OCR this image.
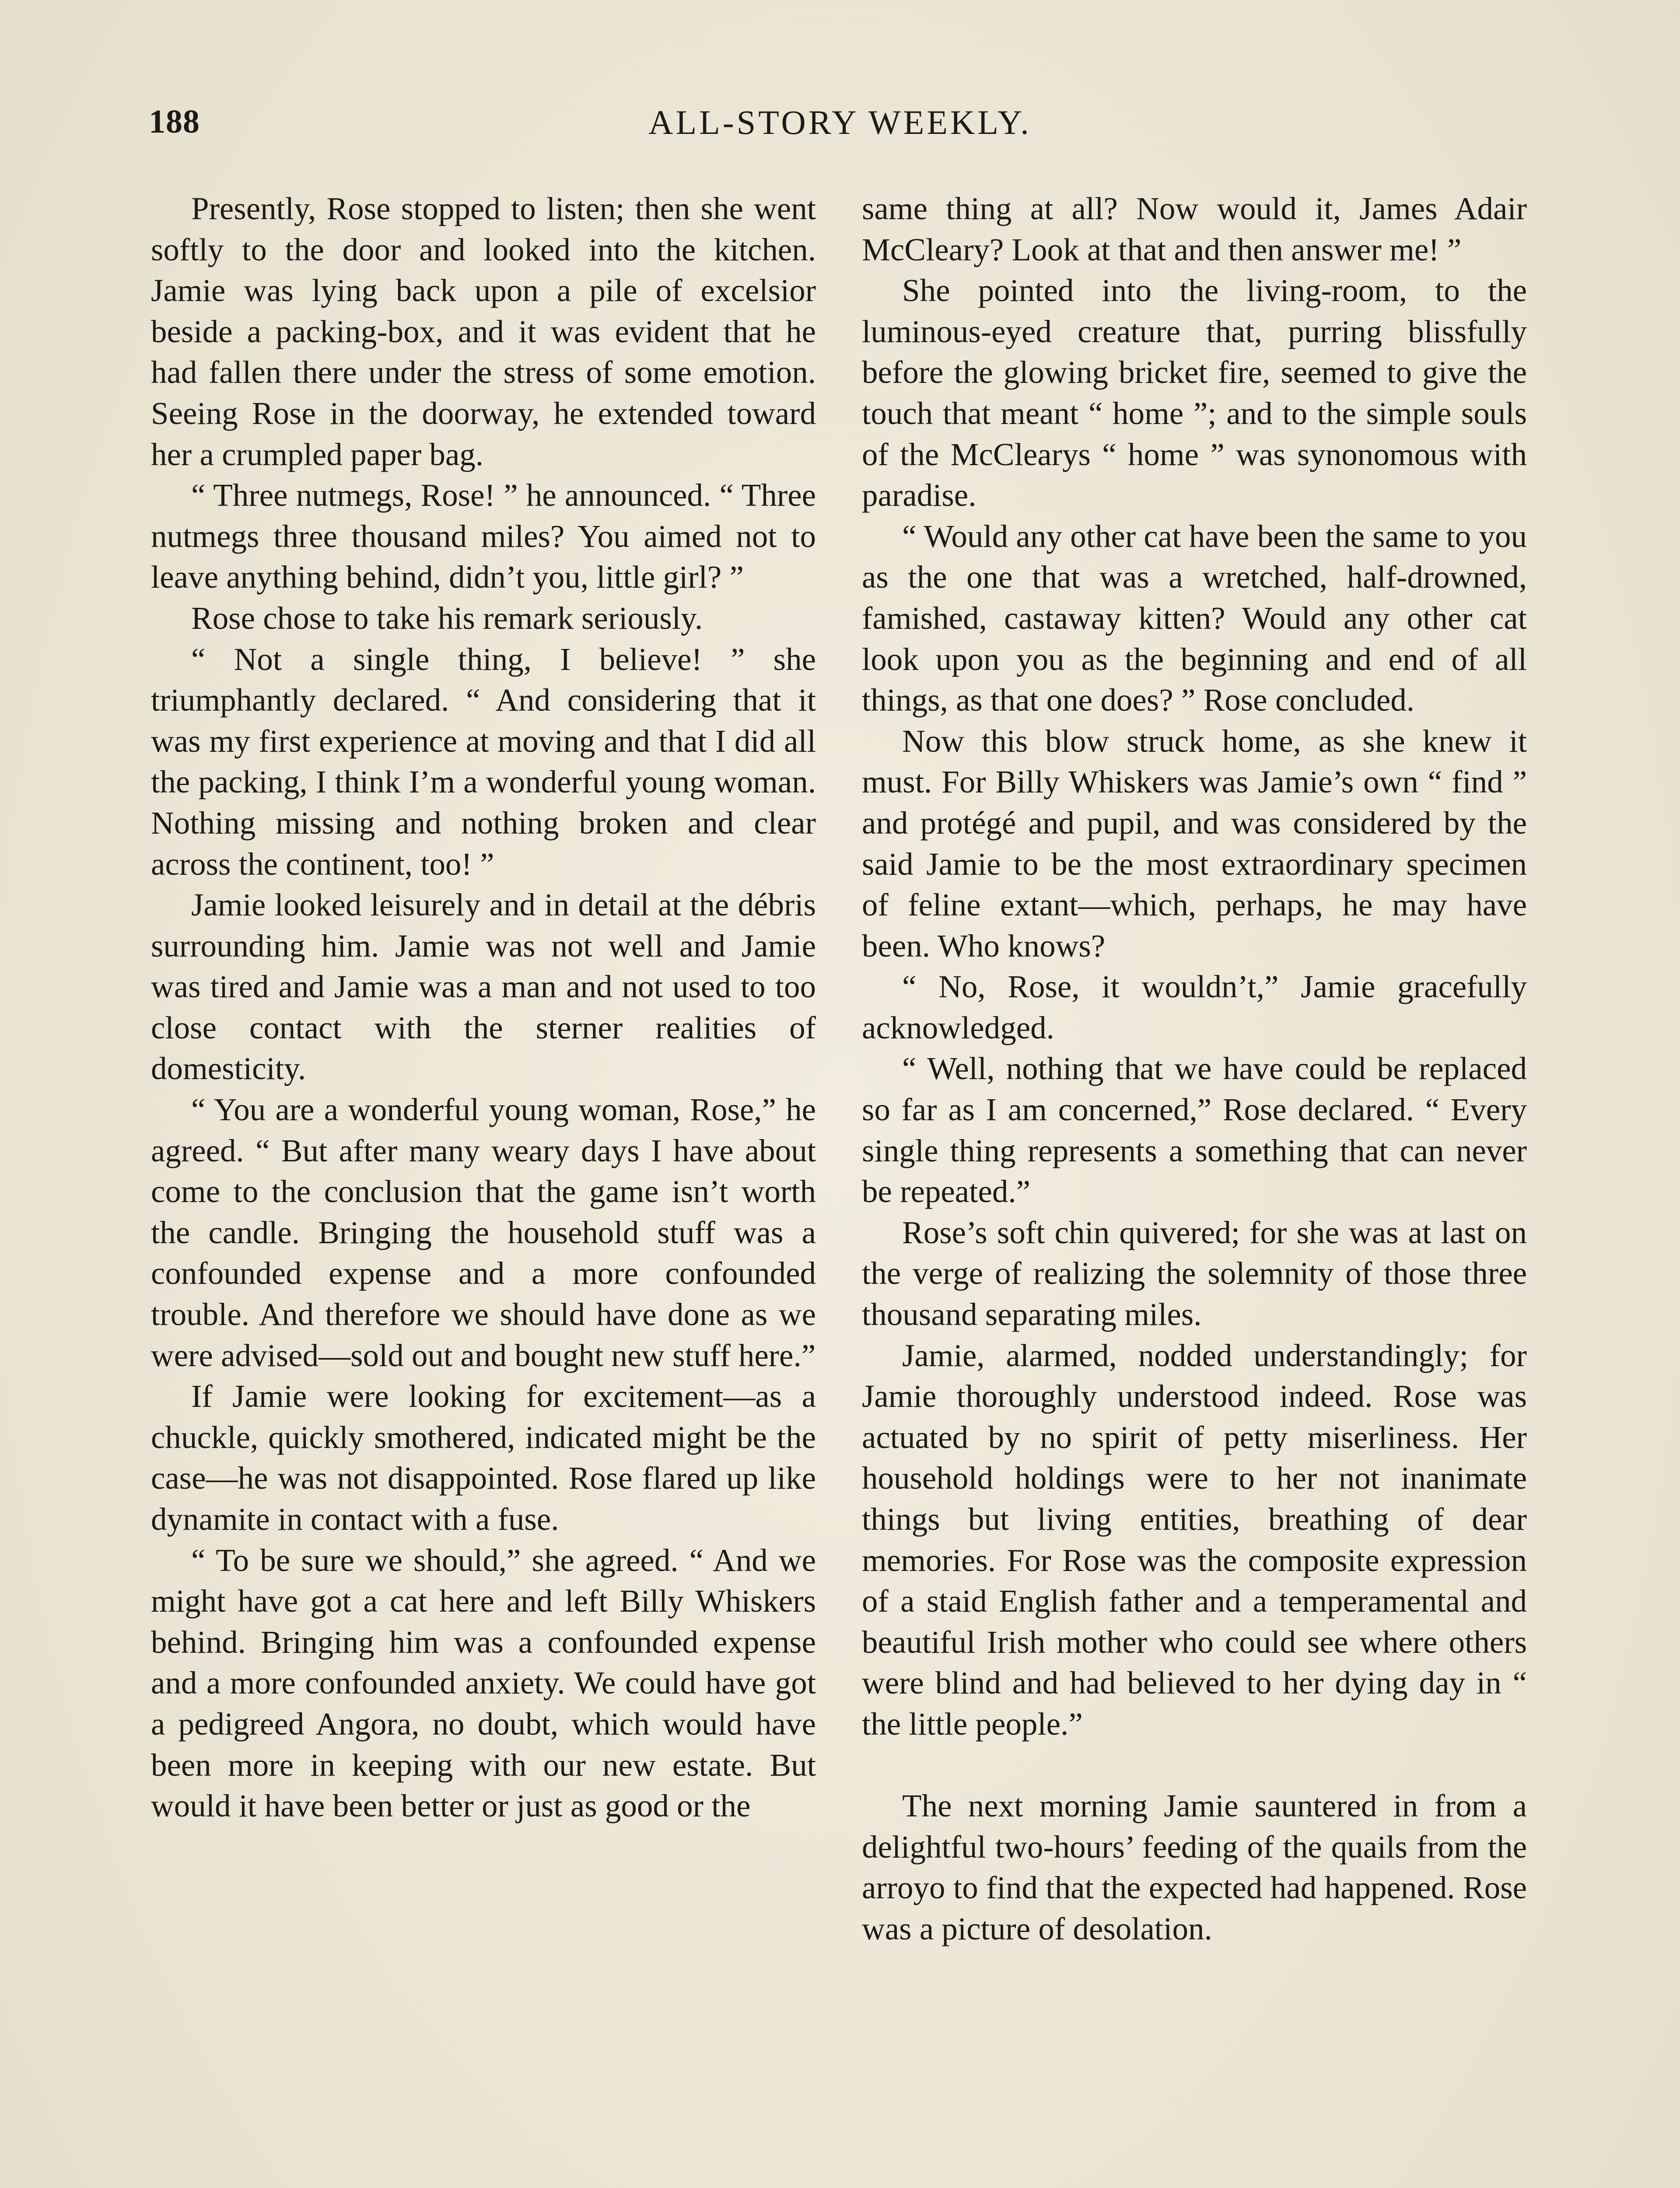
188	ALL-STORY WEEKLY.

Presently, Rose stopped to listen; then she went softly to the door and looked into the kitchen. Jamie was lying back upon a pile of excelsior beside a packing-box, and it was evident that he had fallen there under the stress of some emotion. Seeing Rose in the doorway, he extended toward her a crumpled paper bag.

“ Three nutmegs, Rose! ” he announced. “ Three nutmegs three thousand miles? You aimed not to leave anything behind, didn’t you, little girl? ”

Rose chose to take his remark seriously.

“ Not a single thing, I believe! ” she triumphantly declared. “ And considering that it was my first experience at moving and that I did all the packing, I think I’m a wonderful young woman. Nothing missing and nothing broken and clear across the continent, too! ”

Jamie looked leisurely and in detail at the débris surrounding him. Jamie was not well and Jamie was tired and Jamie was a man and not used to too close contact with the sterner realities of domesticity.

“ You are a wonderful young woman, Rose,” he agreed. “ But after many weary days I have about come to the conclusion that the game isn’t worth the candle. Bringing the household stuff was a confounded expense and a more confounded trouble. And therefore we should have done as we were advised—sold out and bought new stuff here.”

If Jamie were looking for excitement—as a chuckle, quickly smothered, indicated might be the case—he was not disappointed. Rose flared up like dynamite in contact with a fuse.

“ To be sure we should,” she agreed. “ And we might have got a cat here and left Billy Whiskers behind. Bringing him was a confounded expense and a more confounded anxiety. We could have got a pedigreed Angora, no doubt, which would have been more in keeping with our new estate. But would it have been better or just as good or the

same thing at all? Now would it, James Adair McCleary? Look at that and then answer me! ”

She pointed into the living-room, to the luminous-eyed creature that, purring blissfully before the glowing bricket fire, seemed to give the touch that meant “ home ”; and to the simple souls of the McClearys “ home ” was synonomous with paradise.

“ Would any other cat have been the same to you as the one that was a wretched, half-drowned, famished, castaway kitten? Would any other cat look upon you as the beginning and end of all things, as that one does? ” Rose concluded.

Now this blow struck home, as she knew it must. For Billy Whiskers was Jamie’s own “ find ” and protégé and pupil, and was considered by the said Jamie to be the most extraordinary specimen of feline extant—which, perhaps, he may have been. Who knows?

“ No, Rose, it wouldn’t,” Jamie gracefully acknowledged.

“ Well, nothing that we have could be replaced so far as I am concerned,” Rose declared. “ Every single thing represents a something that can never be repeated.”

Rose’s soft chin quivered; for she was at last on the verge of realizing the solemnity of those three thousand separating miles.

Jamie, alarmed, nodded understandingly; for Jamie thoroughly understood indeed. Rose was actuated by no spirit of petty miserliness. Her household holdings were to her not inanimate things but living entities, breathing of dear memories. For Rose was the composite expression of a staid English father and a temperamental and beautiful Irish mother who could see where others were blind and had believed to her dying day in “ the little people.”

The next morning Jamie sauntered in from a delightful two-hours’ feeding of the quails from the arroyo to find that the expected had happened. Rose was a picture of desolation.
